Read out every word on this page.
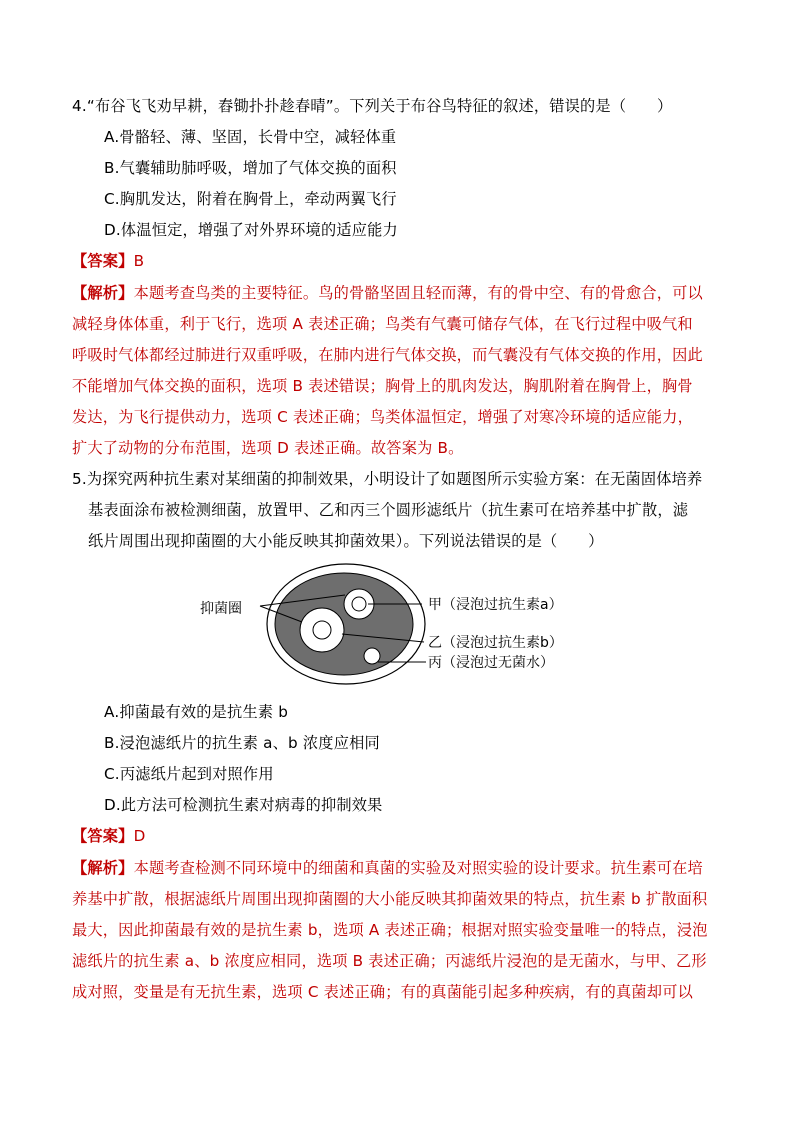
4.“布谷飞飞劝早耕，舂锄扑扑趁春晴”。下列关于布谷鸟特征的叙述，错误的是（　　）
A.骨骼轻、薄、坚固，长骨中空，减轻体重
B.气囊辅助肺呼吸，增加了气体交换的面积
C.胸肌发达，附着在胸骨上，牵动两翼飞行
D.体温恒定，增强了对外界环境的适应能力
【答案】B
【解析】本题考查鸟类的主要特征。鸟的骨骼坚固且轻而薄，有的骨中空、有的骨愈合，可以
减轻身体体重，利于飞行，选项 A 表述正确；鸟类有气囊可储存气体，在飞行过程中吸气和
呼吸时气体都经过肺进行双重呼吸，在肺内进行气体交换，而气囊没有气体交换的作用，因此
不能增加气体交换的面积，选项 B 表述错误；胸骨上的肌肉发达，胸肌附着在胸骨上，胸骨
发达，为飞行提供动力，选项 C 表述正确；鸟类体温恒定，增强了对寒冷环境的适应能力，
扩大了动物的分布范围，选项 D 表述正确。故答案为 B。
5.为探究两种抗生素对某细菌的抑制效果，小明设计了如题图所示实验方案：在无菌固体培养
基表面涂布被检测细菌，放置甲、乙和丙三个圆形滤纸片（抗生素可在培养基中扩散，滤
纸片周围出现抑菌圈的大小能反映其抑菌效果）。下列说法错误的是（　　）
抑菌圈	甲（浸泡过抗生素a）
乙（浸泡过抗生素b）
丙（浸泡过无菌水）
A.抑菌最有效的是抗生素 b
B.浸泡滤纸片的抗生素 a、b 浓度应相同
C.丙滤纸片起到对照作用
D.此方法可检测抗生素对病毒的抑制效果
【答案】D
【解析】本题考查检测不同环境中的细菌和真菌的实验及对照实验的设计要求。抗生素可在培
养基中扩散，根据滤纸片周围出现抑菌圈的大小能反映其抑菌效果的特点，抗生素 b 扩散面积
最大，因此抑菌最有效的是抗生素 b，选项 A 表述正确；根据对照实验变量唯一的特点，浸泡
滤纸片的抗生素 a、b 浓度应相同，选项 B 表述正确；丙滤纸片浸泡的是无菌水，与甲、乙形
成对照，变量是有无抗生素，选项 C 表述正确；有的真菌能引起多种疾病，有的真菌却可以
